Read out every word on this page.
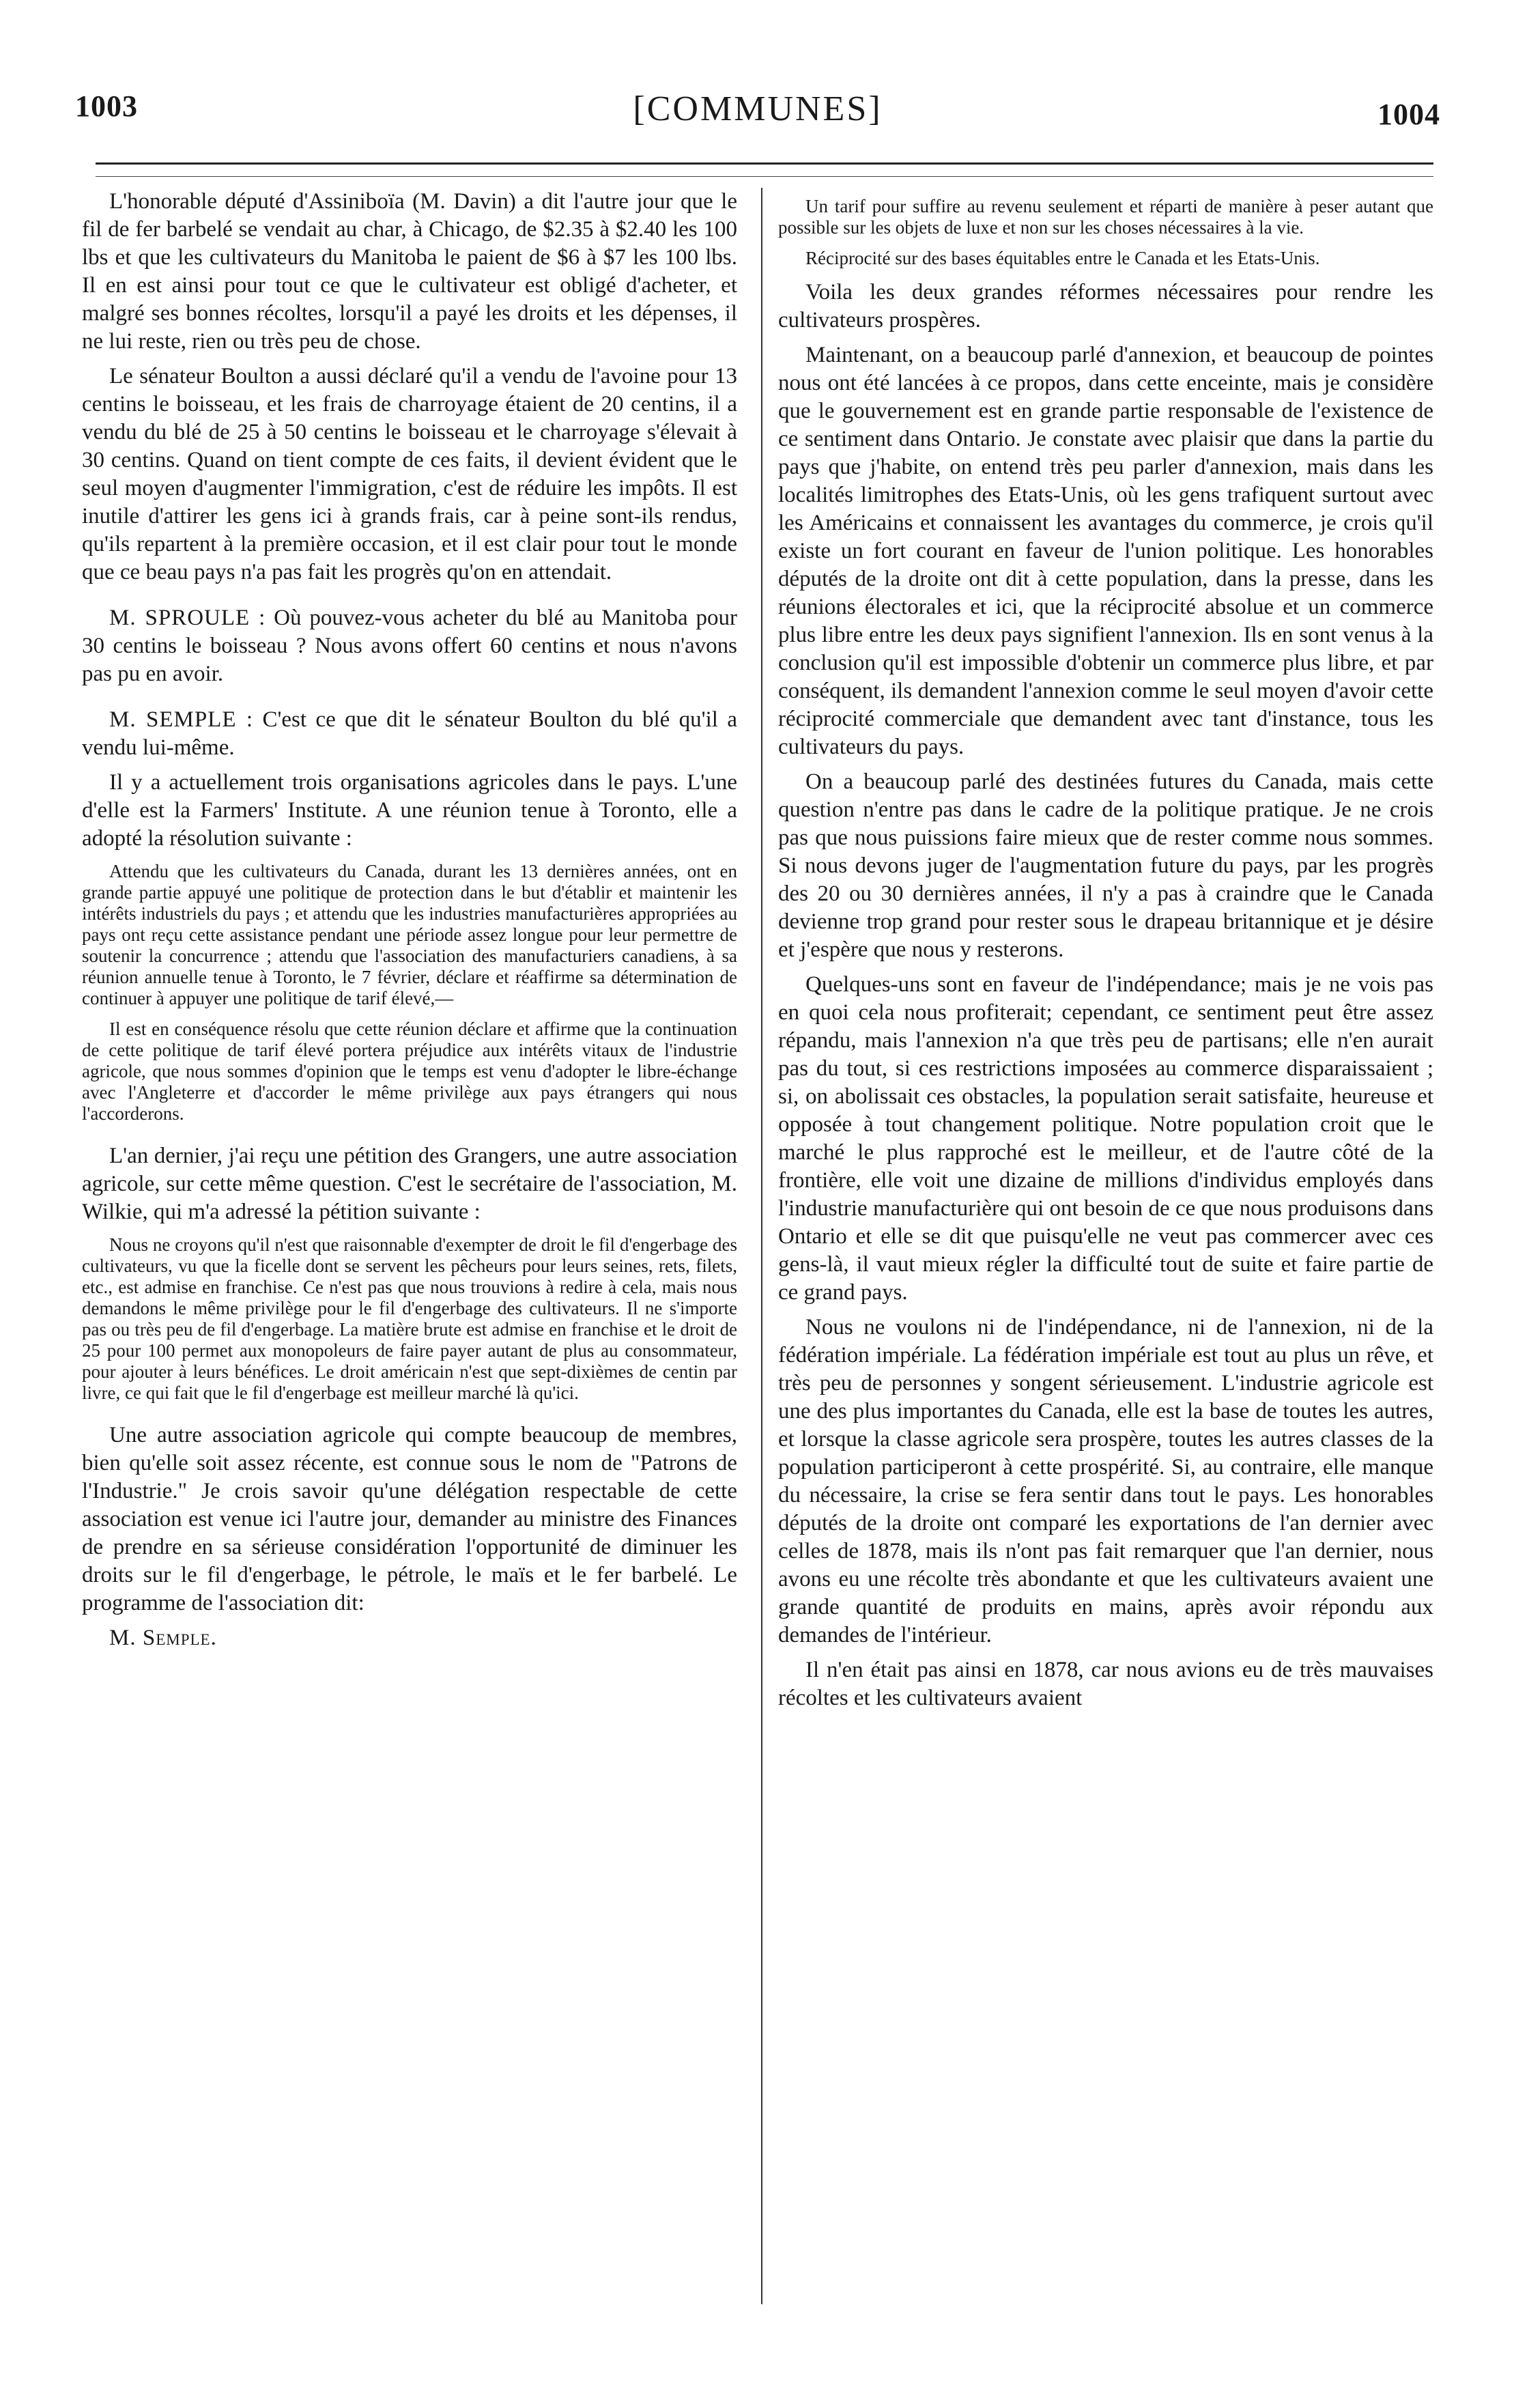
1003	[COMMUNES]	1004

L'honorable député d'Assiniboïa (M. Davin) a dit l'autre jour que le fil de fer barbelé se vendait au char, à Chicago, de $2.35 à $2.40 les 100 lbs et que les cultivateurs du Manitoba le paient de $6 à $7 les 100 lbs. Il en est ainsi pour tout ce que le cultivateur est obligé d'acheter, et malgré ses bonnes récoltes, lorsqu'il a payé les droits et les dépenses, il ne lui reste, rien ou très peu de chose.

Le sénateur Boulton a aussi déclaré qu'il a vendu de l'avoine pour 13 centins le boisseau, et les frais de charroyage étaient de 20 centins, il a vendu du blé de 25 à 50 centins le boisseau et le charroyage s'élevait à 30 centins. Quand on tient compte de ces faits, il devient évident que le seul moyen d'augmenter l'immigration, c'est de réduire les impôts. Il est inutile d'attirer les gens ici à grands frais, car à peine sont-ils rendus, qu'ils repartent à la première occasion, et il est clair pour tout le monde que ce beau pays n'a pas fait les progrès qu'on en attendait.

M. SPROULE : Où pouvez-vous acheter du blé au Manitoba pour 30 centins le boisseau ? Nous avons offert 60 centins et nous n'avons pas pu en avoir.

M. SEMPLE : C'est ce que dit le sénateur Boulton du blé qu'il a vendu lui-même.

Il y a actuellement trois organisations agricoles dans le pays. L'une d'elle est la Farmers' Institute. A une réunion tenue à Toronto, elle a adopté la résolution suivante :

Attendu que les cultivateurs du Canada, durant les 13 dernières années, ont en grande partie appuyé une politique de protection dans le but d'établir et maintenir les intérêts industriels du pays ; et attendu que les industries manufacturières appropriées au pays ont reçu cette assistance pendant une période assez longue pour leur permettre de soutenir la concurrence ; attendu que l'association des manufacturiers canadiens, à sa réunion annuelle tenue à Toronto, le 7 février, déclare et réaffirme sa détermination de continuer à appuyer une politique de tarif élevé,—

Il est en conséquence résolu que cette réunion déclare et affirme que la continuation de cette politique de tarif élevé portera préjudice aux intérêts vitaux de l'industrie agricole, que nous sommes d'opinion que le temps est venu d'adopter le libre-échange avec l'Angleterre et d'accorder le même privilège aux pays étrangers qui nous l'accorderons.

L'an dernier, j'ai reçu une pétition des Grangers, une autre association agricole, sur cette même question. C'est le secrétaire de l'association, M. Wilkie, qui m'a adressé la pétition suivante :

Nous ne croyons qu'il n'est que raisonnable d'exempter de droit le fil d'engerbage des cultivateurs, vu que la ficelle dont se servent les pêcheurs pour leurs seines, rets, filets, etc., est admise en franchise. Ce n'est pas que nous trouvions à redire à cela, mais nous demandons le même privilège pour le fil d'engerbage des cultivateurs. Il ne s'importe pas ou très peu de fil d'engerbage. La matière brute est admise en franchise et le droit de 25 pour 100 permet aux monopoleurs de faire payer autant de plus au consommateur, pour ajouter à leurs bénéfices. Le droit américain n'est que sept-dixièmes de centin par livre, ce qui fait que le fil d'engerbage est meilleur marché là qu'ici.

Une autre association agricole qui compte beaucoup de membres, bien qu'elle soit assez récente, est connue sous le nom de "Patrons de l'Industrie." Je crois savoir qu'une délégation respectable de cette association est venue ici l'autre jour, demander au ministre des Finances de prendre en sa sérieuse considération l'opportunité de diminuer les droits sur le fil d'engerbage, le pétrole, le maïs et le fer barbelé. Le programme de l'association dit:

M. Semple.

Un tarif pour suffire au revenu seulement et réparti de manière à peser autant que possible sur les objets de luxe et non sur les choses nécessaires à la vie.

Réciprocité sur des bases équitables entre le Canada et les Etats-Unis.

Voila les deux grandes réformes nécessaires pour rendre les cultivateurs prospères.

Maintenant, on a beaucoup parlé d'annexion, et beaucoup de pointes nous ont été lancées à ce propos, dans cette enceinte, mais je considère que le gouvernement est en grande partie responsable de l'existence de ce sentiment dans Ontario. Je constate avec plaisir que dans la partie du pays que j'habite, on entend très peu parler d'annexion, mais dans les localités limitrophes des Etats-Unis, où les gens trafiquent surtout avec les Américains et connaissent les avantages du commerce, je crois qu'il existe un fort courant en faveur de l'union politique. Les honorables députés de la droite ont dit à cette population, dans la presse, dans les réunions électorales et ici, que la réciprocité absolue et un commerce plus libre entre les deux pays signifient l'annexion. Ils en sont venus à la conclusion qu'il est impossible d'obtenir un commerce plus libre, et par conséquent, ils demandent l'annexion comme le seul moyen d'avoir cette réciprocité commerciale que demandent avec tant d'instance, tous les cultivateurs du pays.

On a beaucoup parlé des destinées futures du Canada, mais cette question n'entre pas dans le cadre de la politique pratique. Je ne crois pas que nous puissions faire mieux que de rester comme nous sommes. Si nous devons juger de l'augmentation future du pays, par les progrès des 20 ou 30 dernières années, il n'y a pas à craindre que le Canada devienne trop grand pour rester sous le drapeau britannique et je désire et j'espère que nous y resterons.

Quelques-uns sont en faveur de l'indépendance; mais je ne vois pas en quoi cela nous profiterait; cependant, ce sentiment peut être assez répandu, mais l'annexion n'a que très peu de partisans; elle n'en aurait pas du tout, si ces restrictions imposées au commerce disparaissaient ; si, on abolissait ces obstacles, la population serait satisfaite, heureuse et opposée à tout changement politique. Notre population croit que le marché le plus rapproché est le meilleur, et de l'autre côté de la frontière, elle voit une dizaine de millions d'individus employés dans l'industrie manufacturière qui ont besoin de ce que nous produisons dans Ontario et elle se dit que puisqu'elle ne veut pas commercer avec ces gens-là, il vaut mieux régler la difficulté tout de suite et faire partie de ce grand pays.

Nous ne voulons ni de l'indépendance, ni de l'annexion, ni de la fédération impériale. La fédération impériale est tout au plus un rêve, et très peu de personnes y songent sérieusement. L'industrie agricole est une des plus importantes du Canada, elle est la base de toutes les autres, et lorsque la classe agricole sera prospère, toutes les autres classes de la population participeront à cette prospérité. Si, au contraire, elle manque du nécessaire, la crise se fera sentir dans tout le pays. Les honorables députés de la droite ont comparé les exportations de l'an dernier avec celles de 1878, mais ils n'ont pas fait remarquer que l'an dernier, nous avons eu une récolte très abondante et que les cultivateurs avaient une grande quantité de produits en mains, après avoir répondu aux demandes de l'intérieur.

Il n'en était pas ainsi en 1878, car nous avions eu de très mauvaises récoltes et les cultivateurs avaient
